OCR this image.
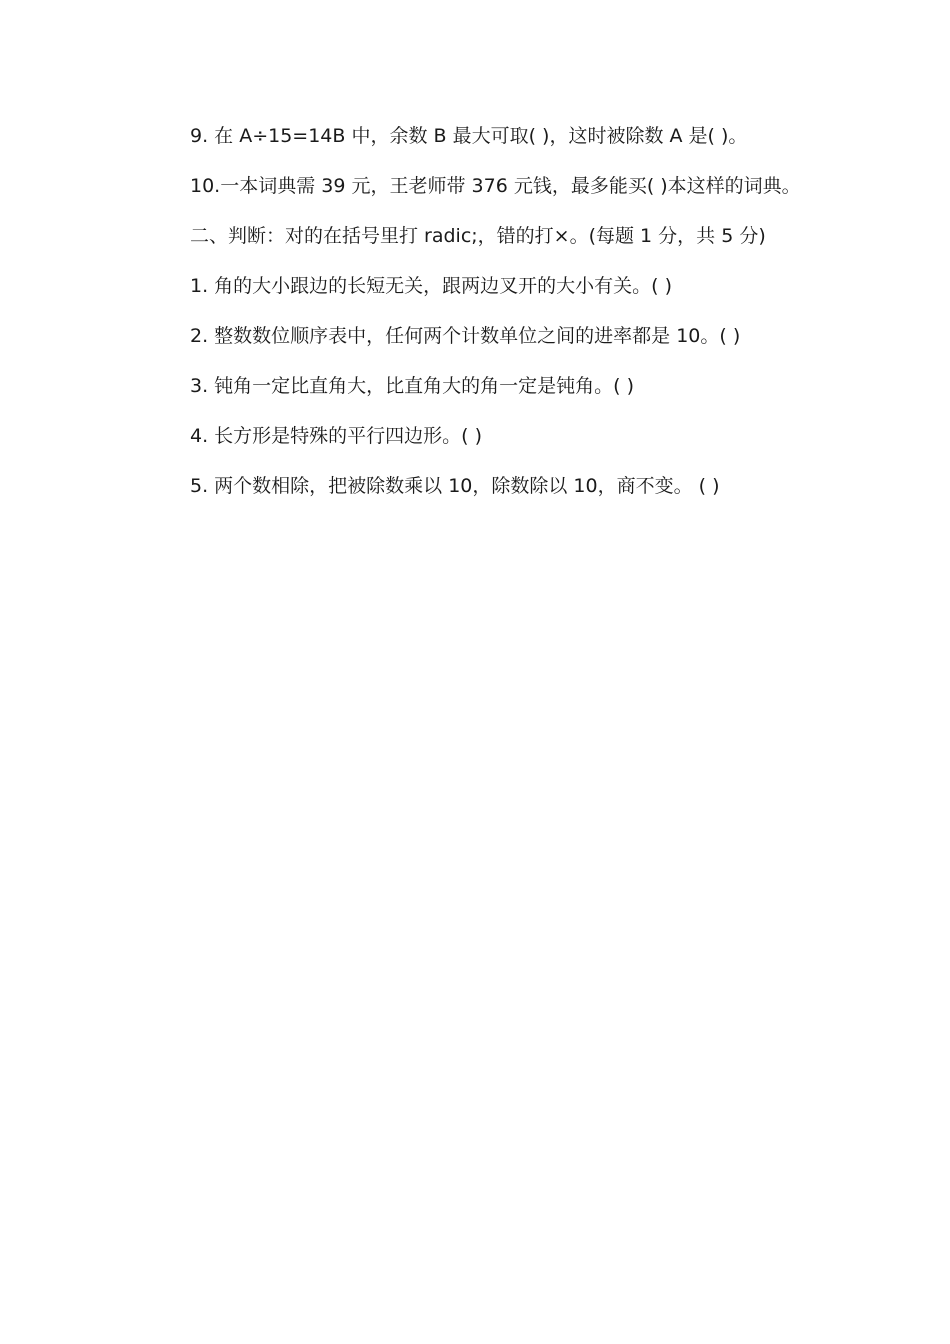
9. 在 A÷15=14B 中，余数 B 最大可取( )，这时被除数 A 是( )。

10.一本词典需 39 元，王老师带 376 元钱，最多能买( )本这样的词典。

二、判断：对的在括号里打 radic;，错的打×。(每题 1 分，共 5 分)

1. 角的大小跟边的长短无关，跟两边叉开的大小有关。( )

2. 整数数位顺序表中，任何两个计数单位之间的进率都是 10。( )

3. 钝角一定比直角大，比直角大的角一定是钝角。( )

4. 长方形是特殊的平行四边形。( )

5. 两个数相除，把被除数乘以 10，除数除以 10，商不变。 ( )
